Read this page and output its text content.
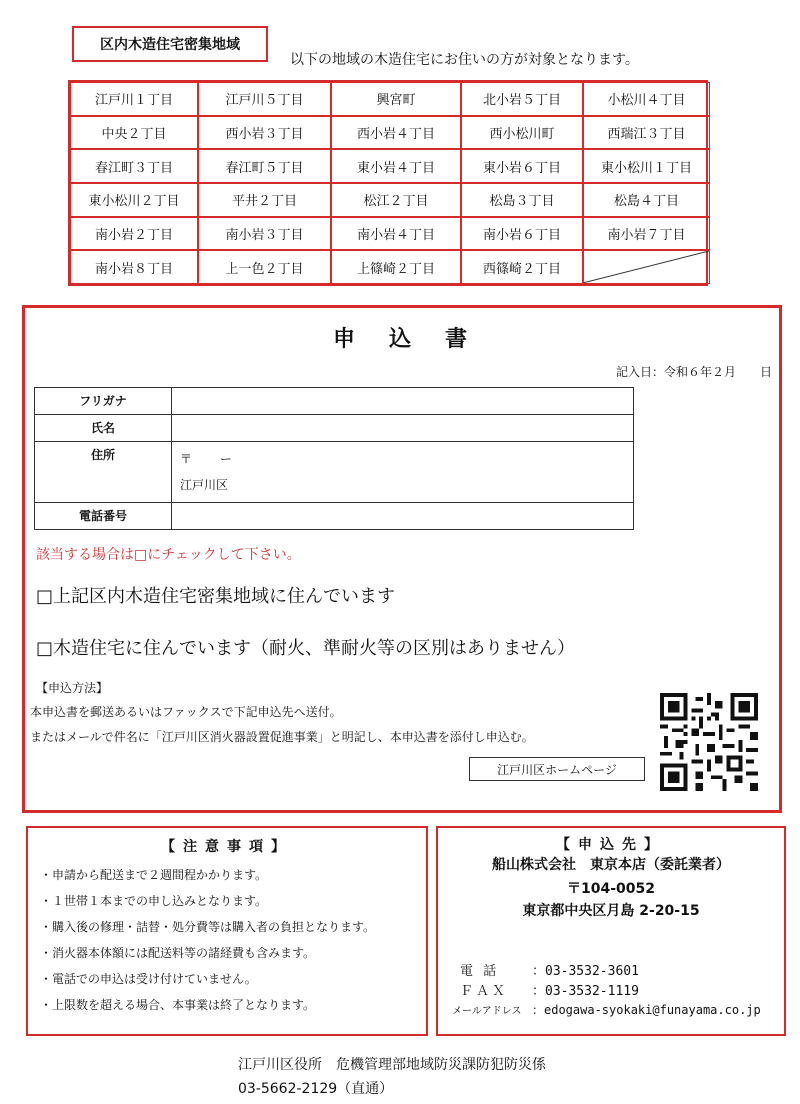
区内木造住宅密集地域
以下の地域の木造住宅にお住いの方が対象となります。
江戸川１丁目	江戸川５丁目	興宮町	北小岩５丁目	小松川４丁目
中央２丁目	西小岩３丁目	西小岩４丁目	西小松川町	西瑞江３丁目
春江町３丁目	春江町５丁目	東小岩４丁目	東小岩６丁目	東小松川１丁目
東小松川２丁目	平井２丁目	松江２丁目	松島３丁目	松島４丁目
南小岩２丁目	南小岩３丁目	南小岩４丁目	南小岩６丁目	南小岩７丁目
南小岩８丁目	上一色２丁目	上篠崎２丁目	西篠崎２丁目
申込書
記入日：令和６年２月　　日
フリガナ	
氏名	
住所	〒　　 ー
江戸川区

電話番号	
該当する場合は□にチェックして下さい。
□上記区内木造住宅密集地域に住んでいます
□木造住宅に住んでいます（耐火、準耐火等の区別はありません）
【申込方法】
本申込書を郵送あるいはファックスで下記申込先へ送付。
またはメールで件名に「江戸川区消火器設置促進事業」と明記し、本申込書を添付し申込む。
江戸川区ホームページ
【注意事項】
・申請から配送まで２週間程かかります。
・１世帯１本までの申し込みとなります。
・購入後の修理・詰替・処分費等は購入者の負担となります。
・消火器本体額には配送料等の諸経費も含みます。
・電話での申込は受け付けていません。
・上限数を超える場合、本事業は終了となります。
【申込先】
船山株式会社　東京本店（委託業者）
〒104-0052
東京都中央区月島 2-20-15
電 話	：03-3532-3601
ＦＡＸ ：03-3532-1119
メールアドレス ：edogawa-syokaki@funayama.co.jp
江戸川区役所　危機管理部地域防災課防犯防災係
03-5662-2129（直通）
